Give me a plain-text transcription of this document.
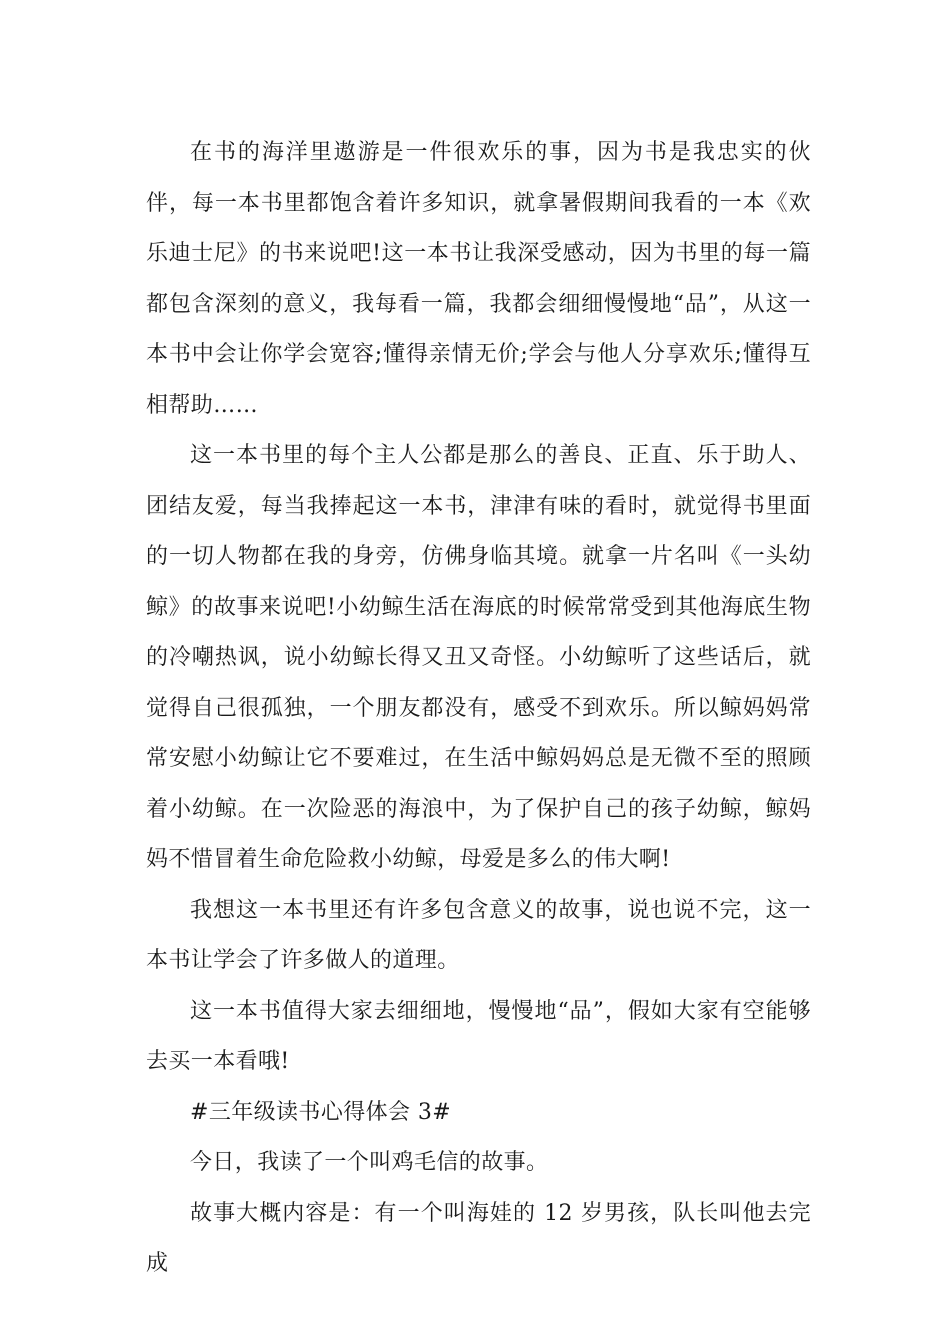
在书的海洋里遨游是一件很欢乐的事，因为书是我忠实的伙伴，每一本书里都饱含着许多知识，就拿暑假期间我看的一本《欢乐迪士尼》的书来说吧!这一本书让我深受感动，因为书里的每一篇都包含深刻的意义，我每看一篇，我都会细细慢慢地“品”，从这一本书中会让你学会宽容;懂得亲情无价;学会与他人分享欢乐;懂得互相帮助……

这一本书里的每个主人公都是那么的善良、正直、乐于助人、团结友爱，每当我捧起这一本书，津津有味的看时，就觉得书里面的一切人物都在我的身旁，仿佛身临其境。就拿一片名叫《一头幼鲸》的故事来说吧!小幼鲸生活在海底的时候常常受到其他海底生物的冷嘲热讽，说小幼鲸长得又丑又奇怪。小幼鲸听了这些话后，就觉得自己很孤独，一个朋友都没有，感受不到欢乐。所以鲸妈妈常常安慰小幼鲸让它不要难过，在生活中鲸妈妈总是无微不至的照顾着小幼鲸。在一次险恶的海浪中，为了保护自己的孩子幼鲸，鲸妈妈不惜冒着生命危险救小幼鲸，母爱是多么的伟大啊!

我想这一本书里还有许多包含意义的故事，说也说不完，这一本书让学会了许多做人的道理。

这一本书值得大家去细细地，慢慢地“品”，假如大家有空能够去买一本看哦!

#三年级读书心得体会 3#

今日，我读了一个叫鸡毛信的故事。

故事大概内容是：有一个叫海娃的 12 岁男孩，队长叫他去完成
